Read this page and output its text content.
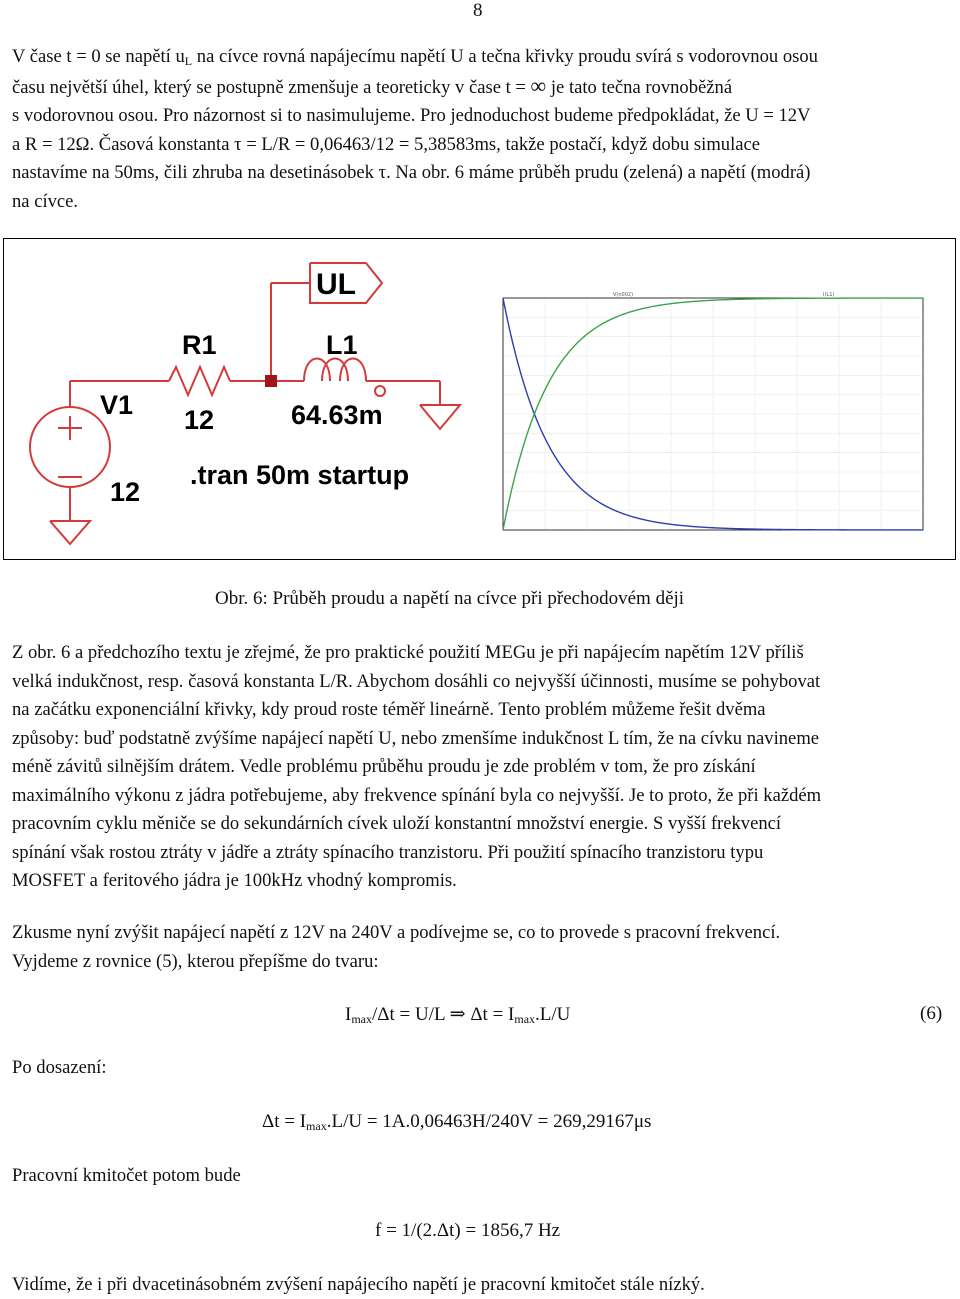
8
V čase t = 0 se napětí $u_L$ na cívce rovná napájecímu napětí U a tečna křivky proudu svírá s vodorovnou osou
času největší úhel, který se postupně zmenšuje a teoreticky v čase t = ∞ je tato tečna rovnoběžná
s vodorovnou osou. Pro názornost si to nasimulujeme. Pro jednoduchost budeme předpokládat, že U = 12V
a R = 12Ω. Časová konstanta τ = L/R = 0,06463/12 = 5,38583ms, takže postačí, když dobu simulace
nastavíme na 50ms, čili zhruba na desetinásobek τ. Na obr. 6 máme průběh prudu (zelená) a napětí (modrá)
na cívce.
UL
R1
12
L1
64.63m
V1
12
.tran 50m startup
V(n002)	I(L1)
Obr. 6: Průběh proudu a napětí na cívce při přechodovém ději
Z obr. 6 a předchozího textu je zřejmé, že pro praktické použití MEGu je při napájecím napětím 12V příliš
velká indukčnost, resp. časová konstanta L/R. Abychom dosáhli co nejvyšší účinnosti, musíme se pohybovat
na začátku exponenciální křivky, kdy proud roste téměř lineárně. Tento problém můžeme řešit dvěma
způsoby: buď podstatně zvýšíme napájecí napětí U, nebo zmenšíme indukčnost L tím, že na cívku navineme
méně závitů silnějším drátem. Vedle problému průběhu proudu je zde problém v tom, že pro získání
maximálního výkonu z jádra potřebujeme, aby frekvence spínání byla co nejvyšší. Je to proto, že při každém
pracovním cyklu měniče se do sekundárních cívek uloží konstantní množství energie. S vyšší frekvencí
spínání však rostou ztráty v jádře a ztráty spínacího tranzistoru. Při použití spínacího tranzistoru typu
MOSFET a feritového jádra je 100kHz vhodný kompromis.
Zkusme nyní zvýšit napájecí napětí z 12V na 240V a podívejme se, co to provede s pracovní frekvencí.
Vyjdeme z rovnice (5), kterou přepíšme do tvaru:
$I_{max}/\Delta t = U/L$ ⇒ $\Delta t = I_{max}.L/U$	(6)
Po dosazení:
$\Delta t = I_{max}.L/U = 1A.0,06463H/240V = 269,29167\mu s$
Pracovní kmitočet potom bude
f = 1/(2.Δt) = 1856,7 Hz
Vidíme, že i při dvacetinásobném zvýšení napájecího napětí je pracovní kmitočet stále nízký.
